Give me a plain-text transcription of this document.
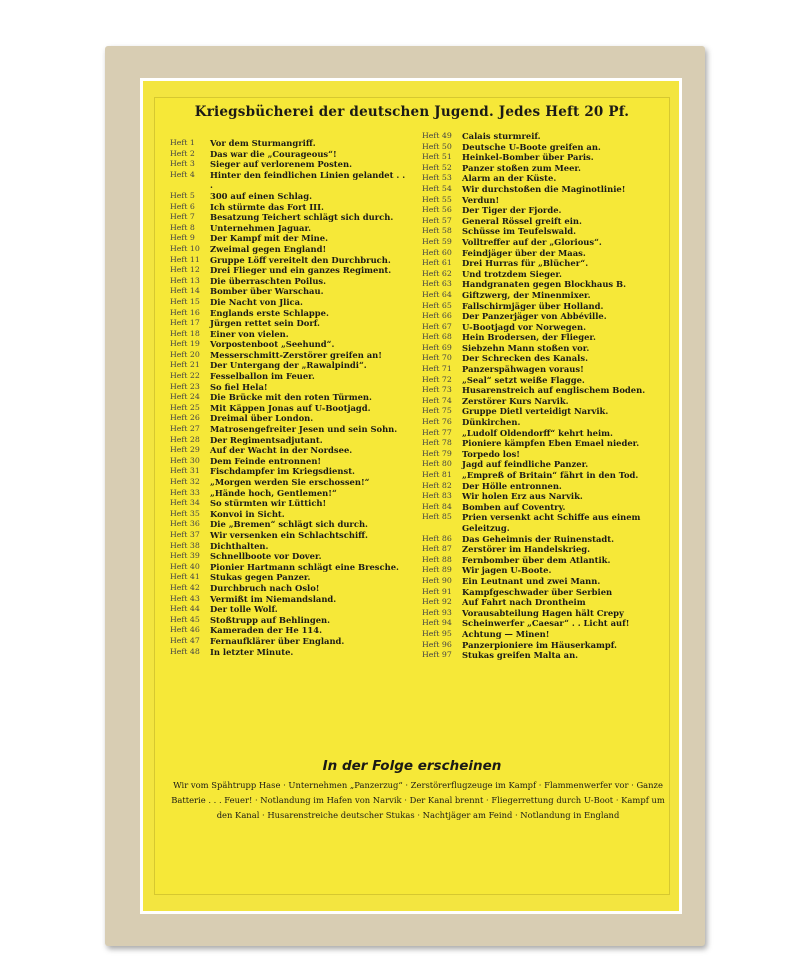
Kriegsbücherei der deutschen Jugend. Jedes Heft 20 Pf.
Heft 1	Vor dem Sturmangriff.
Heft 2	Das war die „Courageous“!
Heft 3	Sieger auf verlorenem Posten.
Heft 4	Hinter den feindlichen Linien gelandet . . .
Heft 5	300 auf einen Schlag.
Heft 6	Ich stürmte das Fort III.
Heft 7	Besatzung Teichert schlägt sich durch.
Heft 8	Unternehmen Jaguar.
Heft 9	Der Kampf mit der Mine.
Heft 10	Zweimal gegen England!
Heft 11	Gruppe Löff vereitelt den Durchbruch.
Heft 12	Drei Flieger und ein ganzes Regiment.
Heft 13	Die überraschten Poilus.
Heft 14	Bomber über Warschau.
Heft 15	Die Nacht von Jlica.
Heft 16	Englands erste Schlappe.
Heft 17	Jürgen rettet sein Dorf.
Heft 18	Einer von vielen.
Heft 19	Vorpostenboot „Seehund“.
Heft 20	Messerschmitt-Zerstörer greifen an!
Heft 21	Der Untergang der „Rawalpindi“.
Heft 22	Fesselballon im Feuer.
Heft 23	So fiel Hela!
Heft 24	Die Brücke mit den roten Türmen.
Heft 25	Mit Käppen Jonas auf U-Bootjagd.
Heft 26	Dreimal über London.
Heft 27	Matrosengefreiter Jesen und sein Sohn.
Heft 28	Der Regimentsadjutant.
Heft 29	Auf der Wacht in der Nordsee.
Heft 30	Dem Feinde entronnen!
Heft 31	Fischdampfer im Kriegsdienst.
Heft 32	„Morgen werden Sie erschossen!“
Heft 33	„Hände hoch, Gentlemen!“
Heft 34	So stürmten wir Lüttich!
Heft 35	Konvoi in Sicht.
Heft 36	Die „Bremen“ schlägt sich durch.
Heft 37	Wir versenken ein Schlachtschiff.
Heft 38	Dichthalten.
Heft 39	Schnellboote vor Dover.
Heft 40	Pionier Hartmann schlägt eine Bresche.
Heft 41	Stukas gegen Panzer.
Heft 42	Durchbruch nach Oslo!
Heft 43	Vermißt im Niemandsland.
Heft 44	Der tolle Wolf.
Heft 45	Stoßtrupp auf Behlingen.
Heft 46	Kameraden der He 114.
Heft 47	Fernaufklärer über England.
Heft 48	In letzter Minute.
Heft 49	Calais sturmreif.
Heft 50	Deutsche U-Boote greifen an.
Heft 51	Heinkel-Bomber über Paris.
Heft 52	Panzer stoßen zum Meer.
Heft 53	Alarm an der Küste.
Heft 54	Wir durchstoßen die Maginotlinie!
Heft 55	Verdun!
Heft 56	Der Tiger der Fjorde.
Heft 57	General Rössel greift ein.
Heft 58	Schüsse im Teufelswald.
Heft 59	Volltreffer auf der „Glorious“.
Heft 60	Feindjäger über der Maas.
Heft 61	Drei Hurras für „Blücher“.
Heft 62	Und trotzdem Sieger.
Heft 63	Handgranaten gegen Blockhaus B.
Heft 64	Giftzwerg, der Minenmixer.
Heft 65	Fallschirmjäger über Holland.
Heft 66	Der Panzerjäger von Abbéville.
Heft 67	U-Bootjagd vor Norwegen.
Heft 68	Hein Brodersen, der Flieger.
Heft 69	Siebzehn Mann stoßen vor.
Heft 70	Der Schrecken des Kanals.
Heft 71	Panzerspähwagen voraus!
Heft 72	„Seal“ setzt weiße Flagge.
Heft 73	Husarenstreich auf englischem Boden.
Heft 74	Zerstörer Kurs Narvik.
Heft 75	Gruppe Dietl verteidigt Narvik.
Heft 76	Dünkirchen.
Heft 77	„Ludolf Oldendorff“ kehrt heim.
Heft 78	Pioniere kämpfen Eben Emael nieder.
Heft 79	Torpedo los!
Heft 80	Jagd auf feindliche Panzer.
Heft 81	„Empreß of Britain“ fährt in den Tod.
Heft 82	Der Hölle entronnen.
Heft 83	Wir holen Erz aus Narvik.
Heft 84	Bomben auf Coventry.
Heft 85	Prien versenkt acht Schiffe aus einem Geleitzug.
Heft 86	Das Geheimnis der Ruinenstadt.
Heft 87	Zerstörer im Handelskrieg.
Heft 88	Fernbomber über dem Atlantik.
Heft 89	Wir jagen U-Boote.
Heft 90	Ein Leutnant und zwei Mann.
Heft 91	Kampfgeschwader über Serbien
Heft 92	Auf Fahrt nach Drontheim
Heft 93	Vorausabteilung Hagen hält Crepy
Heft 94	Scheinwerfer „Caesar“ . . Licht auf!
Heft 95	Achtung — Minen!
Heft 96	Panzerpioniere im Häuserkampf.
Heft 97	Stukas greifen Malta an.
In der Folge erscheinen
Wir vom Spähtrupp Hase · Unternehmen „Panzerzug“ · Zerstörerflugzeuge im Kampf · Flammenwerfer vor · Ganze Batterie . . . Feuer! · Notlandung im Hafen von Narvik · Der Kanal brennt · Fliegerrettung durch U-Boot · Kampf um den Kanal · Husarenstreiche deutscher Stukas · Nachtjäger am Feind · Notlandung in England
